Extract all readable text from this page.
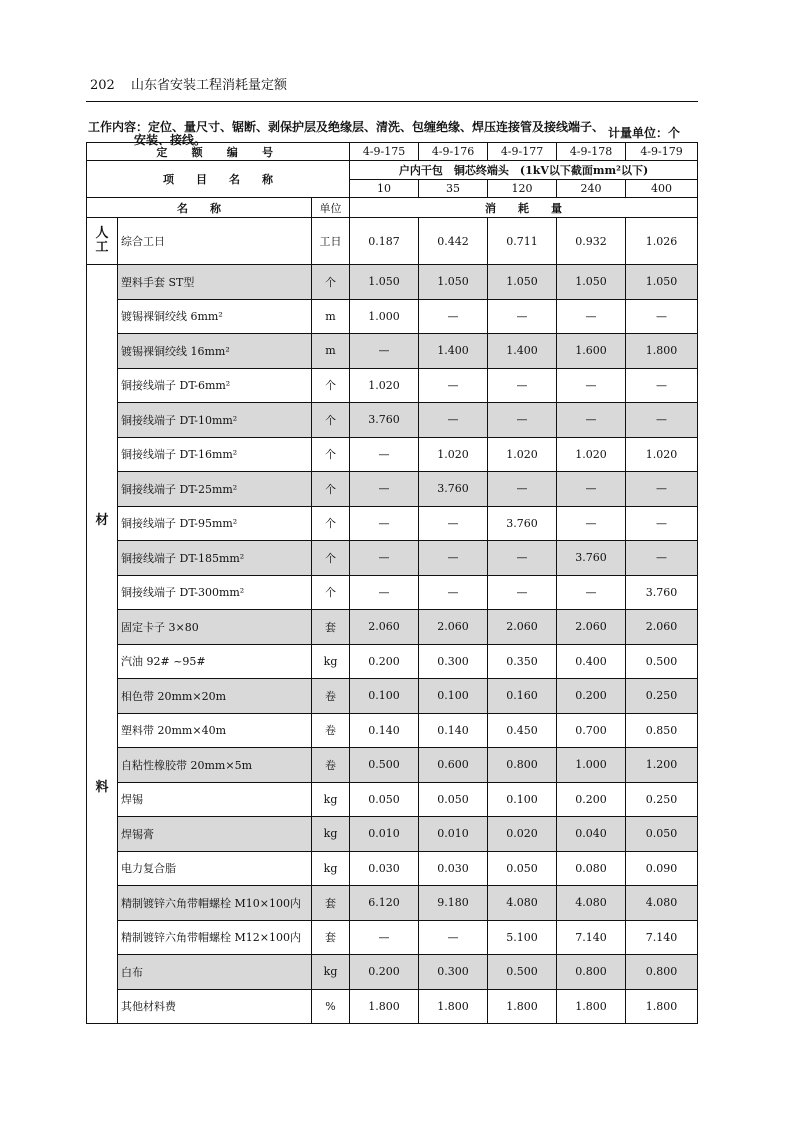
202 山东省安装工程消耗量定额
工作内容：定位、量尺寸、锯断、剥保护层及绝缘层、清洗、包缠绝缘、焊压连接管及接线端子、
安装、接线。	计量单位：个
定　额　编　号			4-9-175	4-9-176	4-9-177	4-9-178	4-9-179
项　　目　　名　　称			户内干包　铜芯终端头　(1kV以下截面mm²以下)				
			10	35	120	240	400
名　　称		单位	消　　耗　　量				

人
工	综合工日	工日	0.187	0.442	0.711	0.932	1.026

材
料	塑料手套 ST型	个	1.050	1.050	1.050	1.050	1.050
	镀锡裸铜绞线 6mm²	m	1.000	—	—	—	—
	镀锡裸铜绞线 16mm²	m	—	1.400	1.400	1.600	1.800
	铜接线端子 DT-6mm²	个	1.020	—	—	—	—
	铜接线端子 DT-10mm²	个	3.760	—	—	—	—
	铜接线端子 DT-16mm²	个	—	1.020	1.020	1.020	1.020
	铜接线端子 DT-25mm²	个	—	3.760	—	—	—
	铜接线端子 DT-95mm²	个	—	—	3.760	—	—
	铜接线端子 DT-185mm²	个	—	—	—	3.760	—
	铜接线端子 DT-300mm²	个	—	—	—	—	3.760
	固定卡子 3×80	套	2.060	2.060	2.060	2.060	2.060
	汽油 92# ~95#	kg	0.200	0.300	0.350	0.400	0.500
	相色带 20mm×20m	卷	0.100	0.100	0.160	0.200	0.250
	塑料带 20mm×40m	卷	0.140	0.140	0.450	0.700	0.850
	自粘性橡胶带 20mm×5m	卷	0.500	0.600	0.800	1.000	1.200
	焊锡	kg	0.050	0.050	0.100	0.200	0.250
	焊锡膏	kg	0.010	0.010	0.020	0.040	0.050
	电力复合脂	kg	0.030	0.030	0.050	0.080	0.090
	精制镀锌六角带帽螺栓 M10×100内	套	6.120	9.180	4.080	4.080	4.080
	精制镀锌六角带帽螺栓 M12×100内	套	—	—	5.100	7.140	7.140
	白布	kg	0.200	0.300	0.500	0.800	0.800
	其他材料费	%	1.800	1.800	1.800	1.800	1.800
